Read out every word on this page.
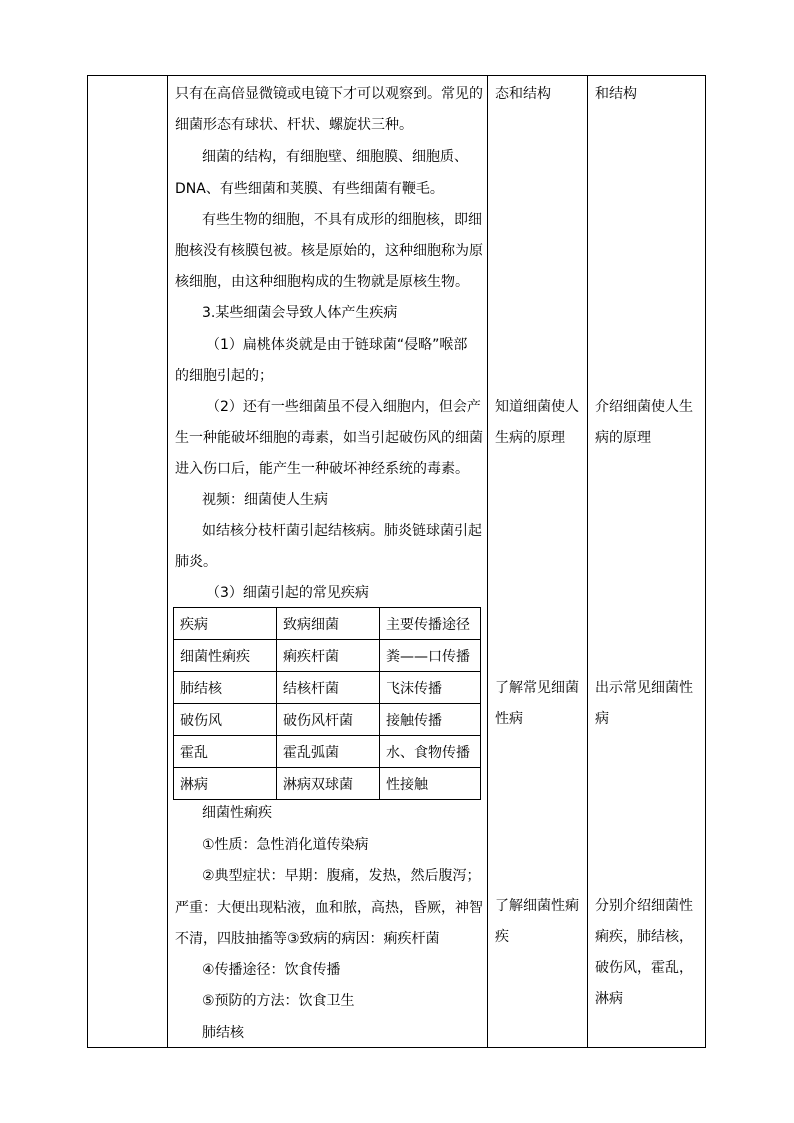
只有在高倍显微镜或电镜下才可以观察到。常见的
细菌形态有球状、杆状、螺旋状三种。
细菌的结构，有细胞壁、细胞膜、细胞质、
DNA、有些细菌和荚膜、有些细菌有鞭毛。
有些生物的细胞，不具有成形的细胞核，即细
胞核没有核膜包被。核是原始的，这种细胞称为原
核细胞，由这种细胞构成的生物就是原核生物。
3.某些细菌会导致人体产生疾病
（1）扁桃体炎就是由于链球菌“侵略”喉部
的细胞引起的；
（2）还有一些细菌虽不侵入细胞内，但会产
生一种能破坏细胞的毒素，如当引起破伤风的细菌
进入伤口后，能产生一种破坏神经系统的毒素。
视频：细菌使人生病
如结核分枝杆菌引起结核病。肺炎链球菌引起
肺炎。
（3）细菌引起的常见疾病
疾病	致病细菌	主要传播途径
细菌性痢疾	痢疾杆菌	粪——口传播
肺结核	结核杆菌	飞沫传播
破伤风	破伤风杆菌	接触传播
霍乱	霍乱弧菌	水、食物传播
淋病	淋病双球菌	性接触
细菌性痢疾
①性质：急性消化道传染病
②典型症状：早期：腹痛，发热，然后腹泻；
严重：大便出现粘液，血和脓，高热，昏厥，神智
不清，四肢抽搐等③致病的病因：痢疾杆菌
④传播途径：饮食传播
⑤预防的方法：饮食卫生
肺结核
态和结构
知道细菌使人
生病的原理
了解常见细菌
性病
了解细菌性痢
疾
和结构
介绍细菌使人生
病的原理
出示常见细菌性
病
分别介绍细菌性
痢疾，肺结核，
破伤风，霍乱，
淋病
